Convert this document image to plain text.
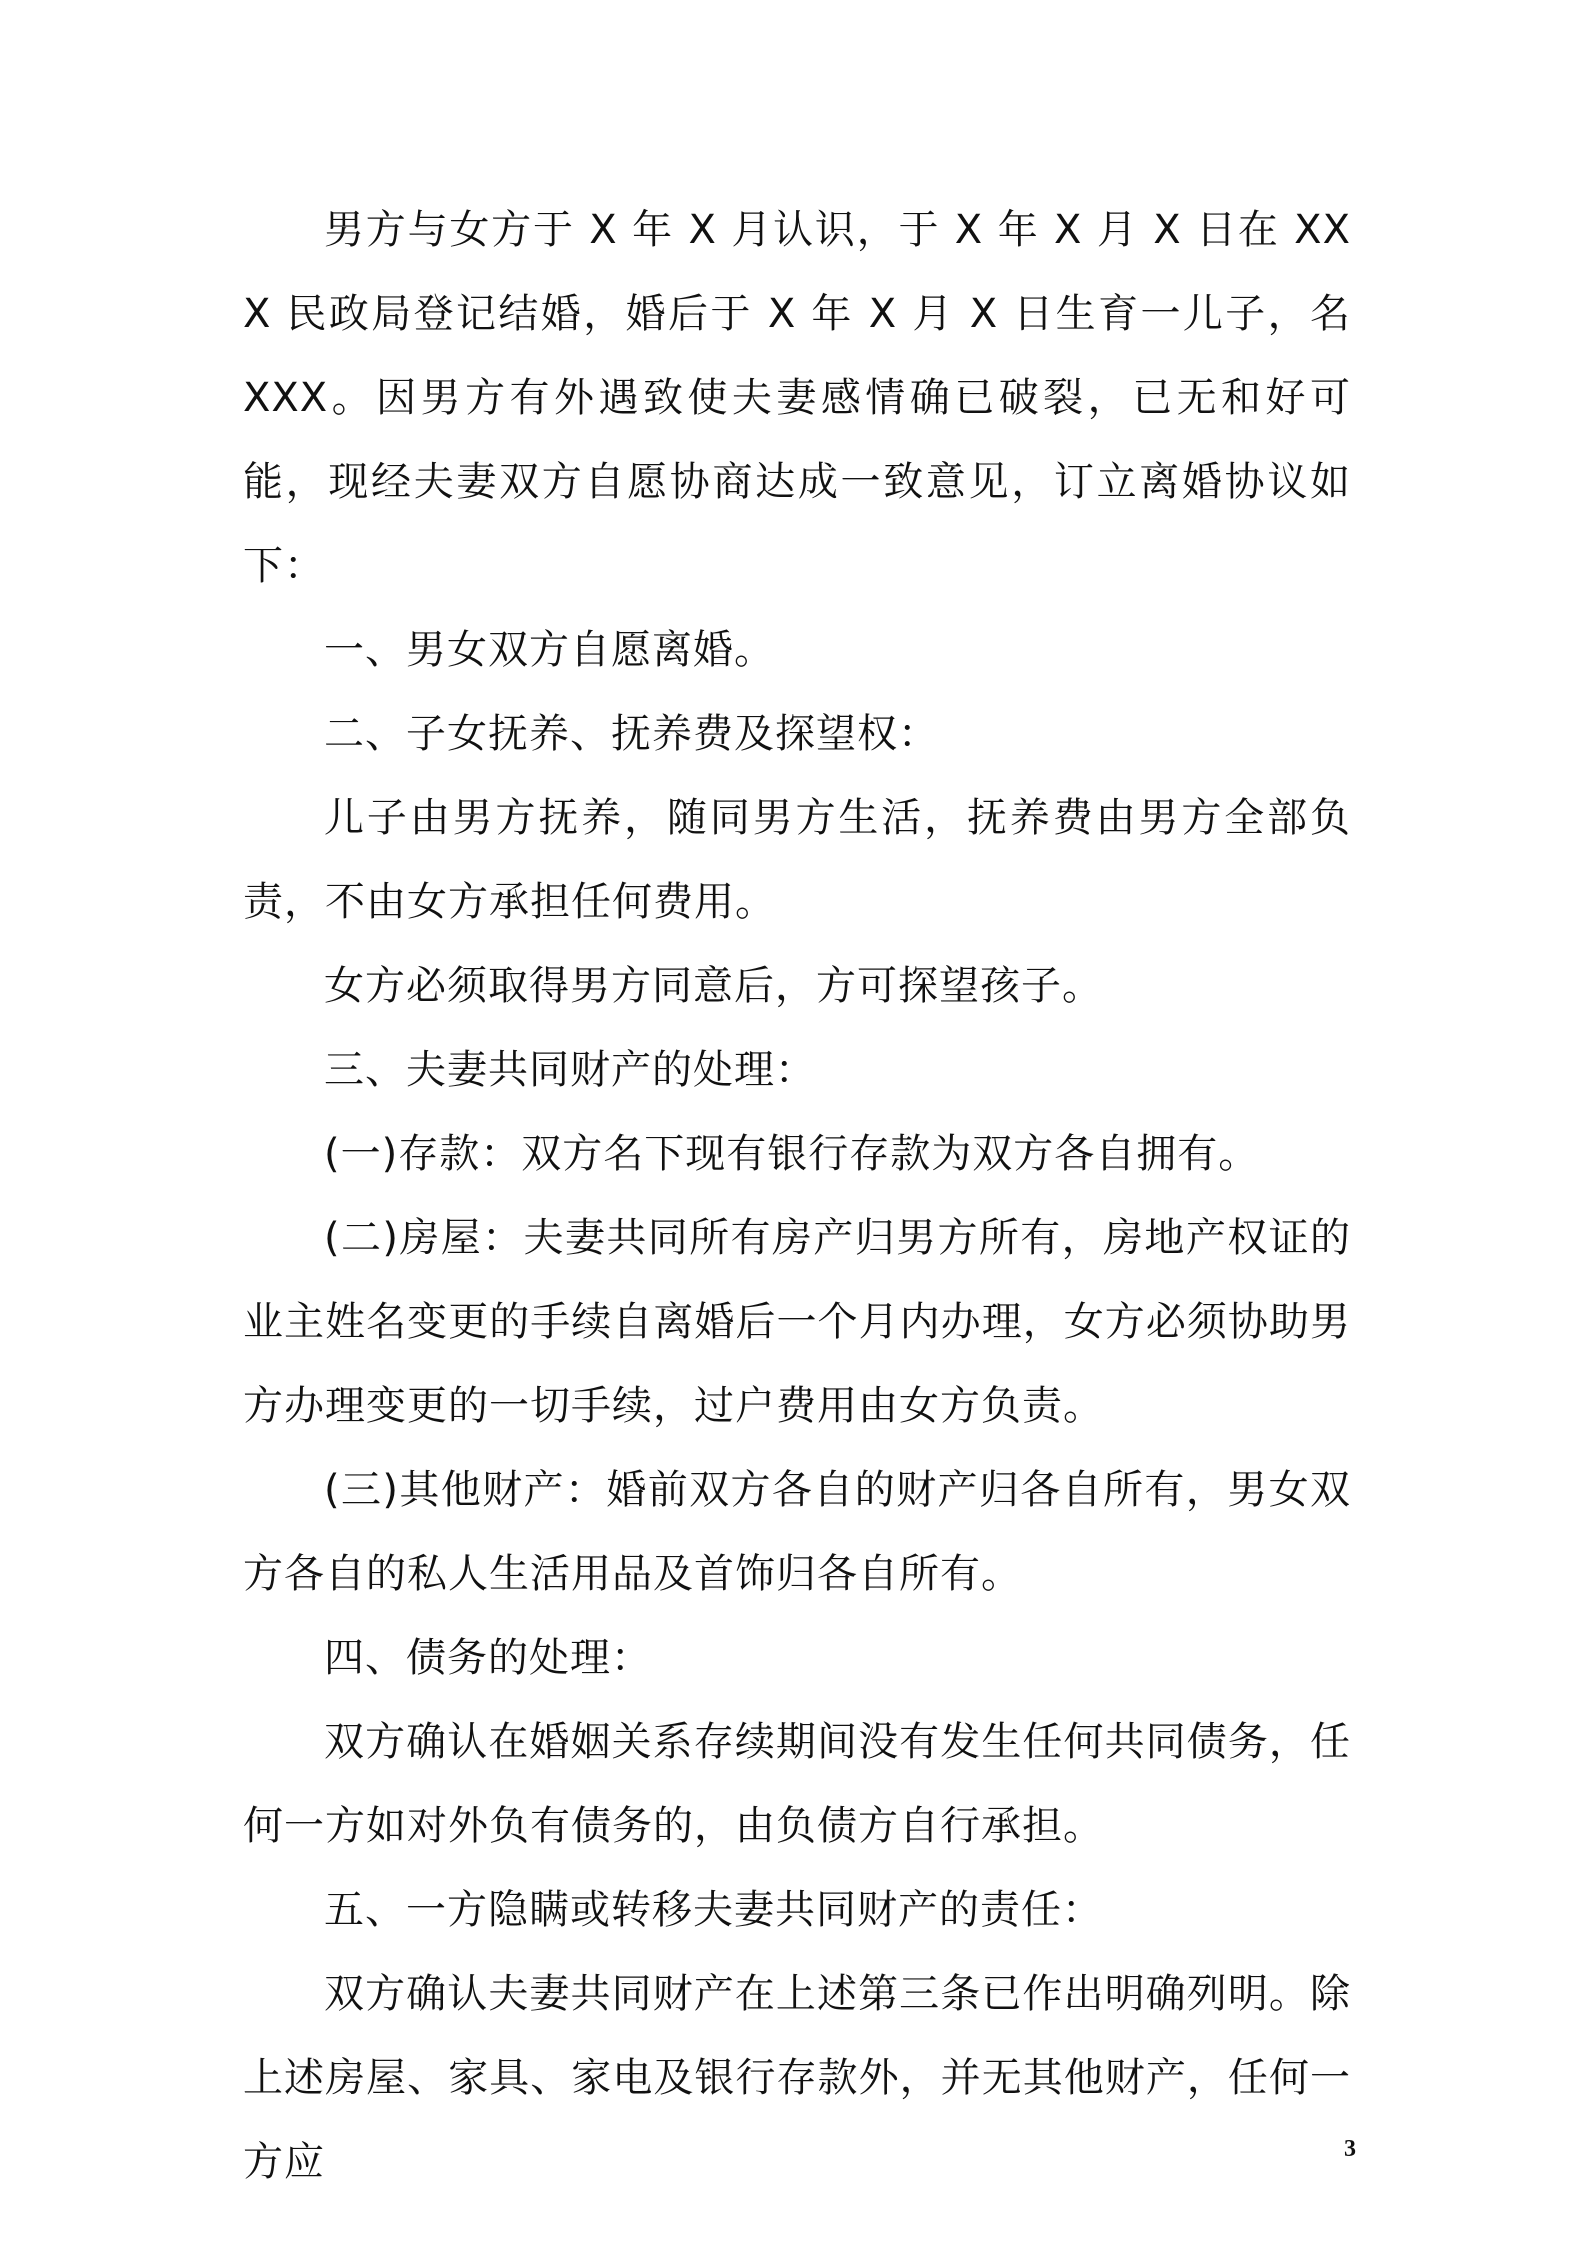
男方与女方于 X 年 X 月认识，于 X 年 X 月 X 日在 XXX 民政局登记结婚，婚后于 X 年 X 月 X 日生育一儿子，名 XXX。因男方有外遇致使夫妻感情确已破裂，已无和好可能，现经夫妻双方自愿协商达成一致意见，订立离婚协议如下：

一、男女双方自愿离婚。

二、子女抚养、抚养费及探望权：

儿子由男方抚养，随同男方生活，抚养费由男方全部负责，不由女方承担任何费用。

女方必须取得男方同意后，方可探望孩子。

三、夫妻共同财产的处理：

(一)存款：双方名下现有银行存款为双方各自拥有。

(二)房屋：夫妻共同所有房产归男方所有，房地产权证的业主姓名变更的手续自离婚后一个月内办理，女方必须协助男方办理变更的一切手续，过户费用由女方负责。

(三)其他财产：婚前双方各自的财产归各自所有，男女双方各自的私人生活用品及首饰归各自所有。

四、债务的处理：

双方确认在婚姻关系存续期间没有发生任何共同债务，任何一方如对外负有债务的，由负债方自行承担。

五、一方隐瞒或转移夫妻共同财产的责任：

双方确认夫妻共同财产在上述第三条已作出明确列明。除上述房屋、家具、家电及银行存款外，并无其他财产，任何一方应	3
